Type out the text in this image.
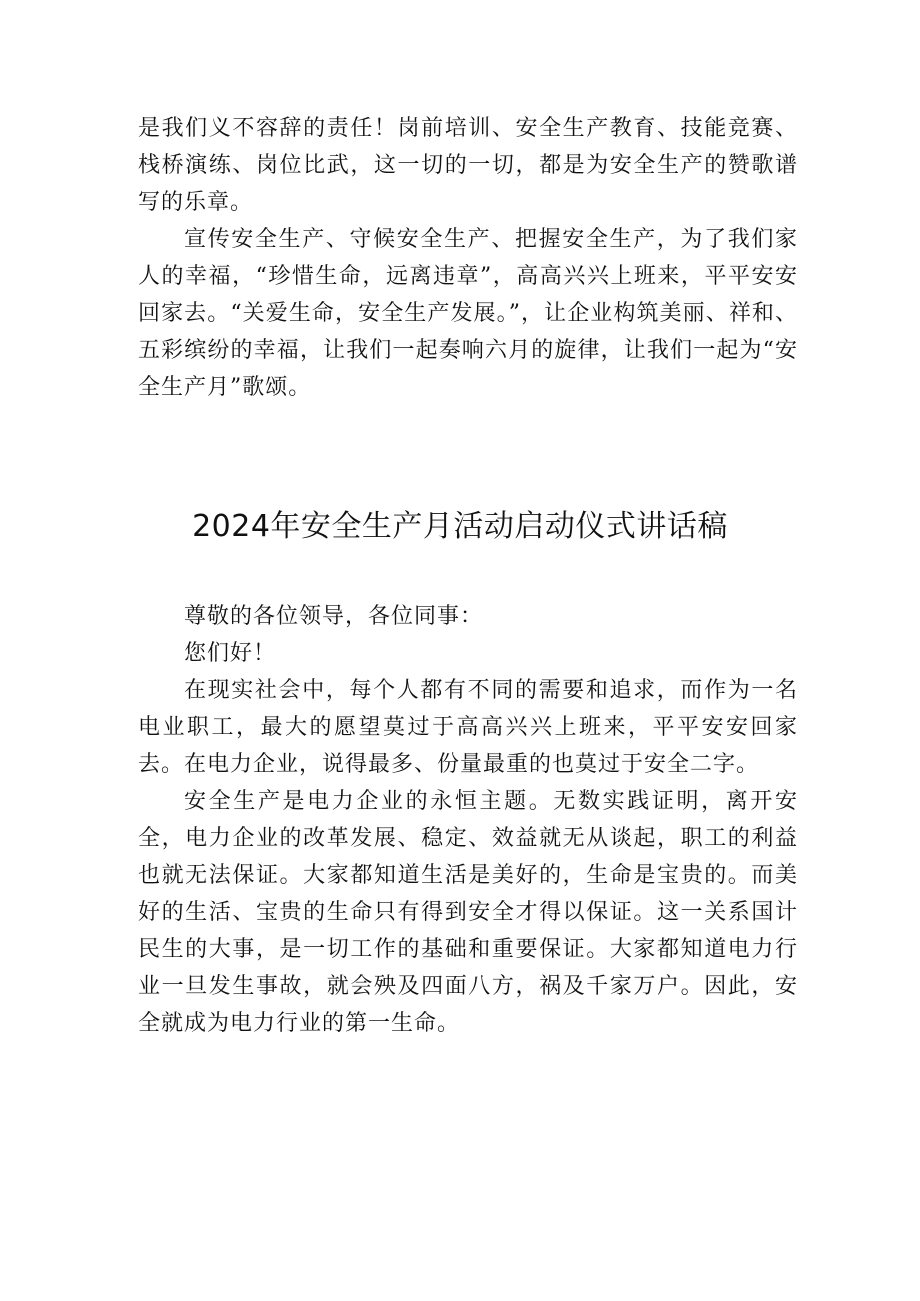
是我们义不容辞的责任！岗前培训、安全生产教育、技能竞赛、栈桥演练、岗位比武，这一切的一切，都是为安全生产的赞歌谱写的乐章。

宣传安全生产、守候安全生产、把握安全生产，为了我们家人的幸福，“珍惜生命，远离违章”，高高兴兴上班来，平平安安回家去。“关爱生命，安全生产发展。”，让企业构筑美丽、祥和、五彩缤纷的幸福，让我们一起奏响六月的旋律，让我们一起为“安全生产月”歌颂。

2024年安全生产月活动启动仪式讲话稿

尊敬的各位领导，各位同事：

您们好！

在现实社会中，每个人都有不同的需要和追求，而作为一名电业职工，最大的愿望莫过于高高兴兴上班来，平平安安回家去。在电力企业，说得最多、份量最重的也莫过于安全二字。

安全生产是电力企业的永恒主题。无数实践证明，离开安全，电力企业的改革发展、稳定、效益就无从谈起，职工的利益也就无法保证。大家都知道生活是美好的，生命是宝贵的。而美好的生活、宝贵的生命只有得到安全才得以保证。这一关系国计民生的大事，是一切工作的基础和重要保证。大家都知道电力行业一旦发生事故，就会殃及四面八方，祸及千家万户。因此，安全就成为电力行业的第一生命。
